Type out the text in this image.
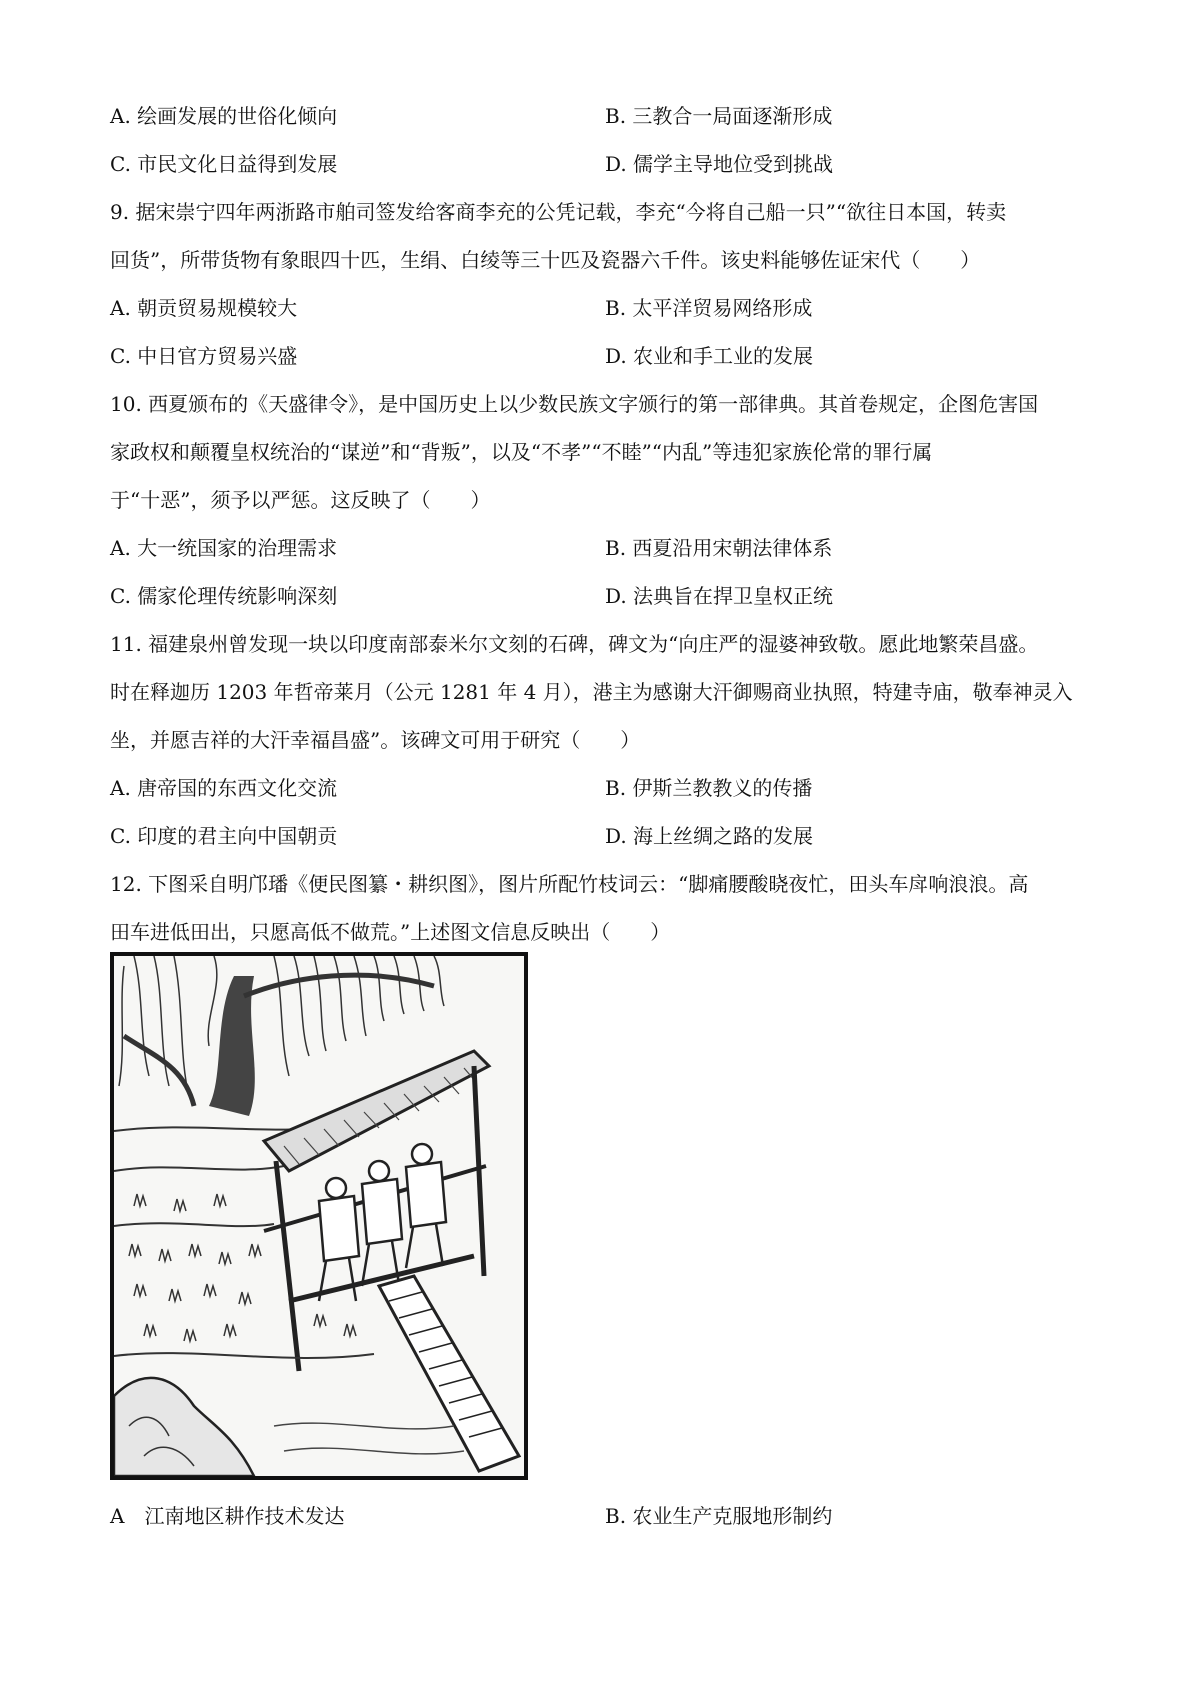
A. 绘画发展的世俗化倾向	B. 三教合一局面逐渐形成
C. 市民文化日益得到发展	D. 儒学主导地位受到挑战
9. 据宋崇宁四年两浙路市舶司签发给客商李充的公凭记载，李充“今将自己船一只”“欲往日本国，转卖
回货”，所带货物有象眼四十匹，生绢、白绫等三十匹及瓷器六千件。该史料能够佐证宋代（　　）
A. 朝贡贸易规模较大	B. 太平洋贸易网络形成
C. 中日官方贸易兴盛	D. 农业和手工业的发展
10. 西夏颁布的《天盛律令》，是中国历史上以少数民族文字颁行的第一部律典。其首卷规定，企图危害国
家政权和颠覆皇权统治的“谋逆”和“背叛”，以及“不孝”“不睦”“内乱”等违犯家族伦常的罪行属
于“十恶”，须予以严惩。这反映了（　　）
A. 大一统国家的治理需求	B. 西夏沿用宋朝法律体系
C. 儒家伦理传统影响深刻	D. 法典旨在捍卫皇权正统
11. 福建泉州曾发现一块以印度南部泰米尔文刻的石碑，碑文为“向庄严的湿婆神致敬。愿此地繁荣昌盛。
时在释迦历 1203 年哲帝莱月（公元 1281 年 4 月），港主为感谢大汗御赐商业执照，特建寺庙，敬奉神灵入
坐，并愿吉祥的大汗幸福昌盛”。该碑文可用于研究（　　）
A. 唐帝国的东西文化交流	B. 伊斯兰教教义的传播
C. 印度的君主向中国朝贡	D. 海上丝绸之路的发展
12. 下图采自明邝璠《便民图纂・耕织图》，图片所配竹枝词云：“脚痛腰酸晓夜忙，田头车戽响浪浪。高
田车进低田出，只愿高低不做荒。”上述图文信息反映出（　　）
A　江南地区耕作技术发达	B. 农业生产克服地形制约
